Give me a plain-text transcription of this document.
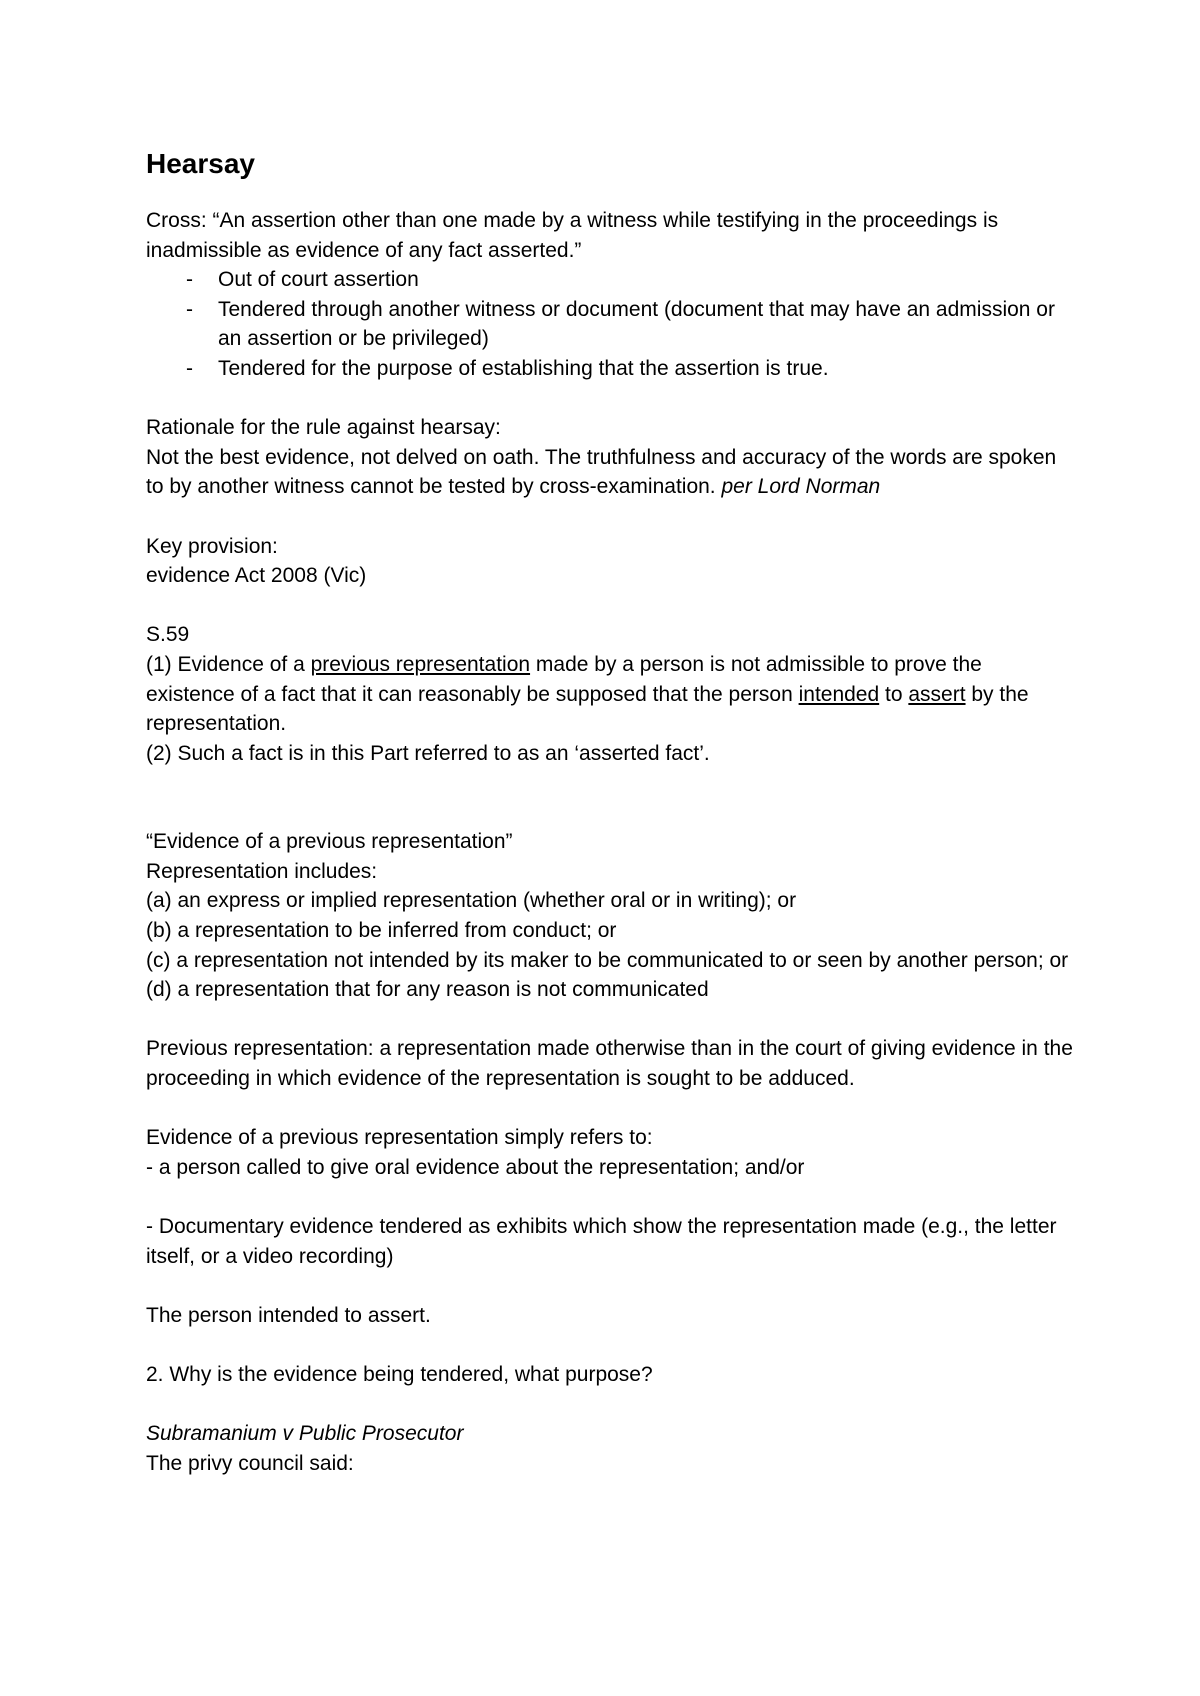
Hearsay

Cross: “An assertion other than one made by a witness while testifying in the proceedings is inadmissible as evidence of any fact asserted.”

- Out of court assertion
- Tendered through another witness or document (document that may have an admission or an assertion or be privileged)
- Tendered for the purpose of establishing that the assertion is true.

Rationale for the rule against hearsay:

Not the best evidence, not delved on oath. The truthfulness and accuracy of the words are spoken to by another witness cannot be tested by cross-examination. per Lord Norman

Key provision:

evidence Act 2008 (Vic)

S.59

(1) Evidence of a previous representation made by a person is not admissible to prove the existence of a fact that it can reasonably be supposed that the person intended to assert by the representation.

(2) Such a fact is in this Part referred to as an ‘asserted fact’.

“Evidence of a previous representation”

Representation includes:

(a) an express or implied representation (whether oral or in writing); or

(b) a representation to be inferred from conduct; or

(c) a representation not intended by its maker to be communicated to or seen by another person; or

(d) a representation that for any reason is not communicated

Previous representation: a representation made otherwise than in the court of giving evidence in the proceeding in which evidence of the representation is sought to be adduced.

Evidence of a previous representation simply refers to:

- a person called to give oral evidence about the representation; and/or

- Documentary evidence tendered as exhibits which show the representation made (e.g., the letter itself, or a video recording)

The person intended to assert.

2. Why is the evidence being tendered, what purpose?

Subramanium v Public Prosecutor

The privy council said:
